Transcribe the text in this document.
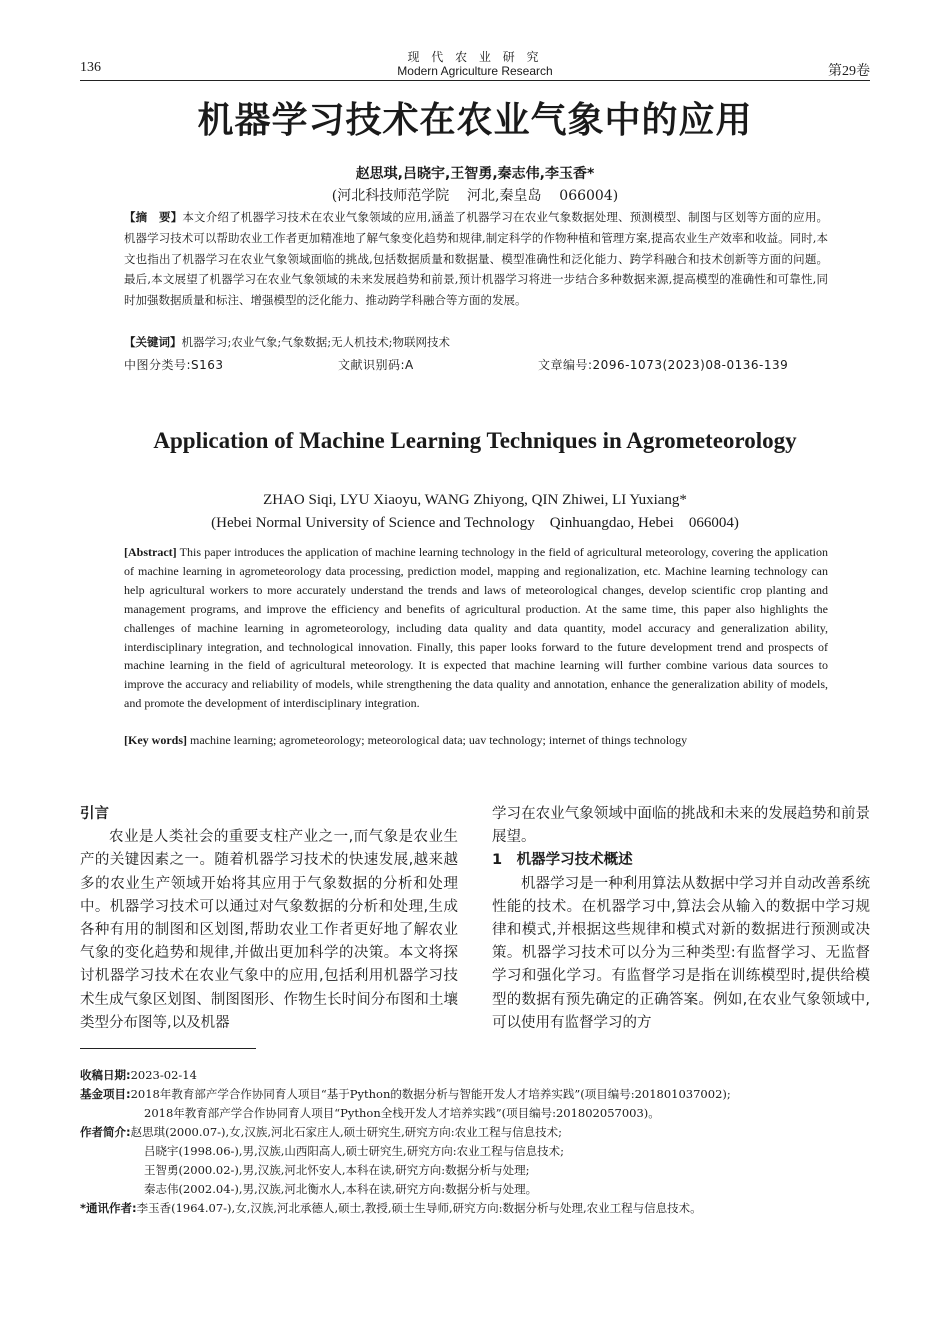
136
现 代 农 业 研 究
Modern Agriculture Research	第29卷
机器学习技术在农业气象中的应用
赵思琪,吕晓宇,王智勇,秦志伟,李玉香*
(河北科技师范学院    河北,秦皇岛    066004)
【摘　要】本文介绍了机器学习技术在农业气象领域的应用,涵盖了机器学习在农业气象数据处理、预测模型、制图与区划等方面的应用。机器学习技术可以帮助农业工作者更加精准地了解气象变化趋势和规律,制定科学的作物种植和管理方案,提高农业生产效率和收益。同时,本文也指出了机器学习在农业气象领域面临的挑战,包括数据质量和数据量、模型准确性和泛化能力、跨学科融合和技术创新等方面的问题。最后,本文展望了机器学习在农业气象领域的未来发展趋势和前景,预计机器学习将进一步结合多种数据来源,提高模型的准确性和可靠性,同时加强数据质量和标注、增强模型的泛化能力、推动跨学科融合等方面的发展。
【关键词】机器学习;农业气象;气象数据;无人机技术;物联网技术
中图分类号:S163	文献识别码:A	文章编号:2096-1073(2023)08-0136-139
Application of Machine Learning Techniques in Agrometeorology
ZHAO Siqi, LYU Xiaoyu, WANG Zhiyong, QIN Zhiwei, LI Yuxiang*
(Hebei Normal University of Science and Technology    Qinhuangdao, Hebei    066004)
[Abstract] This paper introduces the application of machine learning technology in the field of agricultural meteorology, covering the application of machine learning in agrometeorology data processing, prediction model, mapping and regionalization, etc. Machine learning technology can help agricultural workers to more accurately understand the trends and laws of meteorological changes, develop scientific crop planting and management programs, and improve the efficiency and benefits of agricultural production. At the same time, this paper also highlights the challenges of machine learning in agrometeorology, including data quality and data quantity, model accuracy and generalization ability, interdisciplinary integration, and technological innovation. Finally, this paper looks forward to the future development trend and prospects of machine learning in the field of agricultural meteorology. It is expected that machine learning will further combine various data sources to improve the accuracy and reliability of models, while strengthening the data quality and annotation, enhance the generalization ability of models, and promote the development of interdisciplinary integration.
[Key words] machine learning; agrometeorology; meteorological data; uav technology; internet of things technology
引言

农业是人类社会的重要支柱产业之一,而气象是农业生产的关键因素之一。随着机器学习技术的快速发展,越来越多的农业生产领域开始将其应用于气象数据的分析和处理中。机器学习技术可以通过对气象数据的分析和处理,生成各种有用的制图和区划图,帮助农业工作者更好地了解农业气象的变化趋势和规律,并做出更加科学的决策。本文将探讨机器学习技术在农业气象中的应用,包括利用机器学习技术生成气象区划图、制图图形、作物生长时间分布图和土壤类型分布图等,以及机器

学习在农业气象领域中面临的挑战和未来的发展趋势和前景展望。

1　机器学习技术概述

机器学习是一种利用算法从数据中学习并自动改善系统性能的技术。在机器学习中,算法会从输入的数据中学习规律和模式,并根据这些规律和模式对新的数据进行预测或决策。机器学习技术可以分为三种类型:有监督学习、无监督学习和强化学习。有监督学习是指在训练模型时,提供给模型的数据有预先确定的正确答案。例如,在农业气象领域中,可以使用有监督学习的方

收稿日期:2023-02-14
基金项目:2018年教育部产学合作协同育人项目“基于Python的数据分析与智能开发人才培养实践”(项目编号:201801037002);
2018年教育部产学合作协同育人项目“Python全栈开发人才培养实践”(项目编号:201802057003)。
作者简介:赵思琪(2000.07-),女,汉族,河北石家庄人,硕士研究生,研究方向:农业工程与信息技术;
吕晓宇(1998.06-),男,汉族,山西阳高人,硕士研究生,研究方向:农业工程与信息技术;
王智勇(2000.02-),男,汉族,河北怀安人,本科在读,研究方向:数据分析与处理;
秦志伟(2002.04-),男,汉族,河北衡水人,本科在读,研究方向:数据分析与处理。
*通讯作者:李玉香(1964.07-),女,汉族,河北承德人,硕士,教授,硕士生导师,研究方向:数据分析与处理,农业工程与信息技术。
